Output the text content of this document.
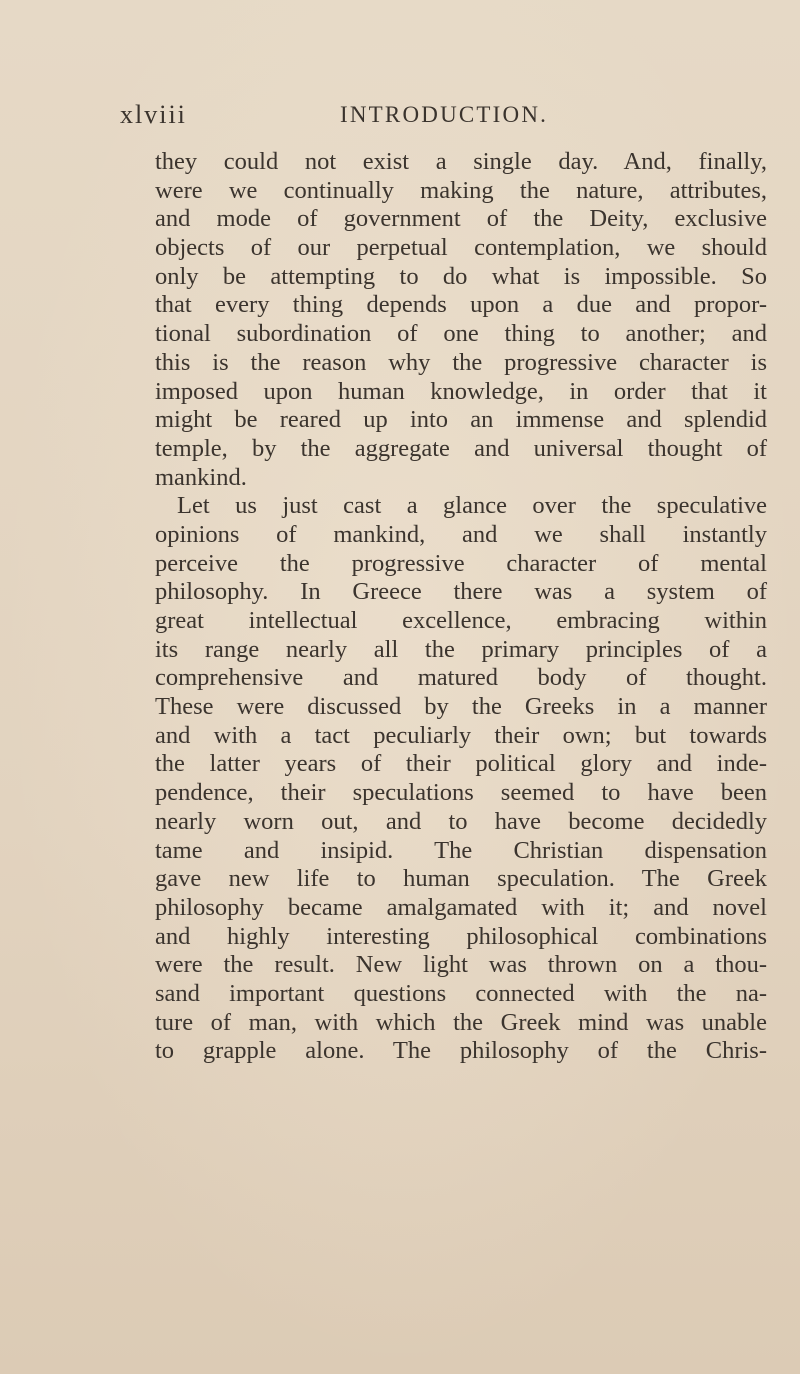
xlviii	INTRODUCTION.
they could not exist a single day. And, finally,
were we continually making the nature, attributes,
and mode of government of the Deity, exclusive
objects of our perpetual contemplation, we should
only be attempting to do what is impossible. So
that every thing depends upon a due and propor-
tional subordination of one thing to another; and
this is the reason why the progressive character is
imposed upon human knowledge, in order that it
might be reared up into an immense and splendid
temple, by the aggregate and universal thought of
mankind.
Let us just cast a glance over the speculative
opinions of mankind, and we shall instantly
perceive the progressive character of mental
philosophy. In Greece there was a system of
great intellectual excellence, embracing within
its range nearly all the primary principles of a
comprehensive and matured body of thought.
These were discussed by the Greeks in a manner
and with a tact peculiarly their own; but towards
the latter years of their political glory and inde-
pendence, their speculations seemed to have been
nearly worn out, and to have become decidedly
tame and insipid. The Christian dispensation
gave new life to human speculation. The Greek
philosophy became amalgamated with it; and novel
and highly interesting philosophical combinations
were the result. New light was thrown on a thou-
sand important questions connected with the na-
ture of man, with which the Greek mind was unable
to grapple alone. The philosophy of the Chris-
